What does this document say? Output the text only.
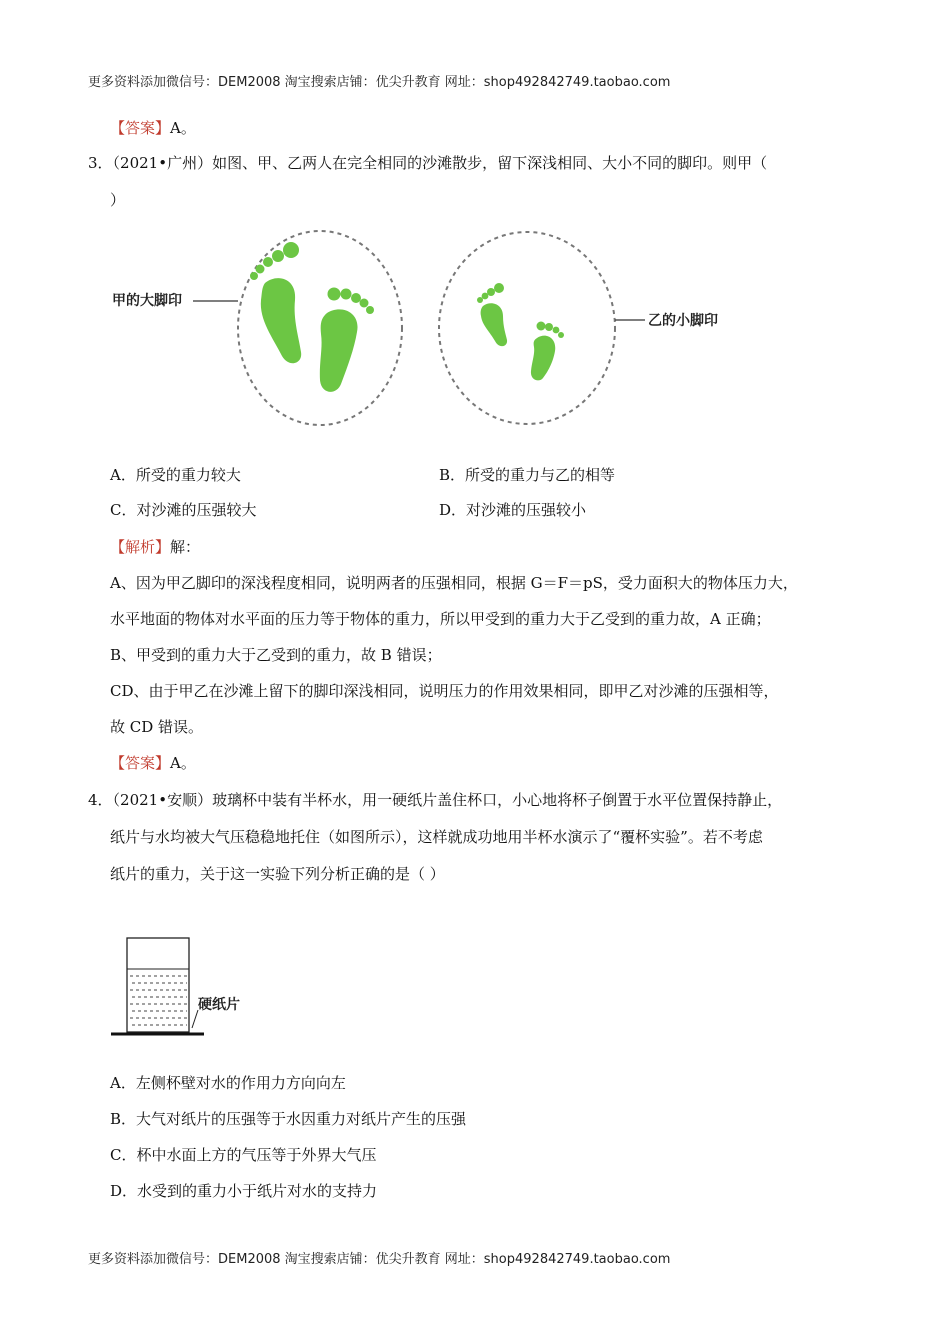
更多资料添加微信号：DEM2008 淘宝搜索店铺：优尖升教育 网址：shop492842749.taobao.com
【答案】A。
3．（2021•广州）如图、甲、乙两人在完全相同的沙滩散步，留下深浅相同、大小不同的脚印。则甲（
）
甲的大脚印
乙的小脚印
A．所受的重力较大	B．所受的重力与乙的相等
C．对沙滩的压强较大	D．对沙滩的压强较小
【解析】解：
A、因为甲乙脚印的深浅程度相同，说明两者的压强相同，根据 G＝F＝pS，受力面积大的物体压力大，
水平地面的物体对水平面的压力等于物体的重力，所以甲受到的重力大于乙受到的重力故，A 正确；
B、甲受到的重力大于乙受到的重力，故 B 错误；
CD、由于甲乙在沙滩上留下的脚印深浅相同，说明压力的作用效果相同，即甲乙对沙滩的压强相等，
故 CD 错误。
【答案】A。
4．（2021•安顺）玻璃杯中装有半杯水，用一硬纸片盖住杯口，小心地将杯子倒置于水平位置保持静止，
纸片与水均被大气压稳稳地托住（如图所示），这样就成功地用半杯水演示了“覆杯实验”。若不考虑
纸片的重力，关于这一实验下列分析正确的是（ ）
硬纸片
A．左侧杯壁对水的作用力方向向左
B．大气对纸片的压强等于水因重力对纸片产生的压强
C．杯中水面上方的气压等于外界大气压
D．水受到的重力小于纸片对水的支持力
更多资料添加微信号：DEM2008 淘宝搜索店铺：优尖升教育 网址：shop492842749.taobao.com
